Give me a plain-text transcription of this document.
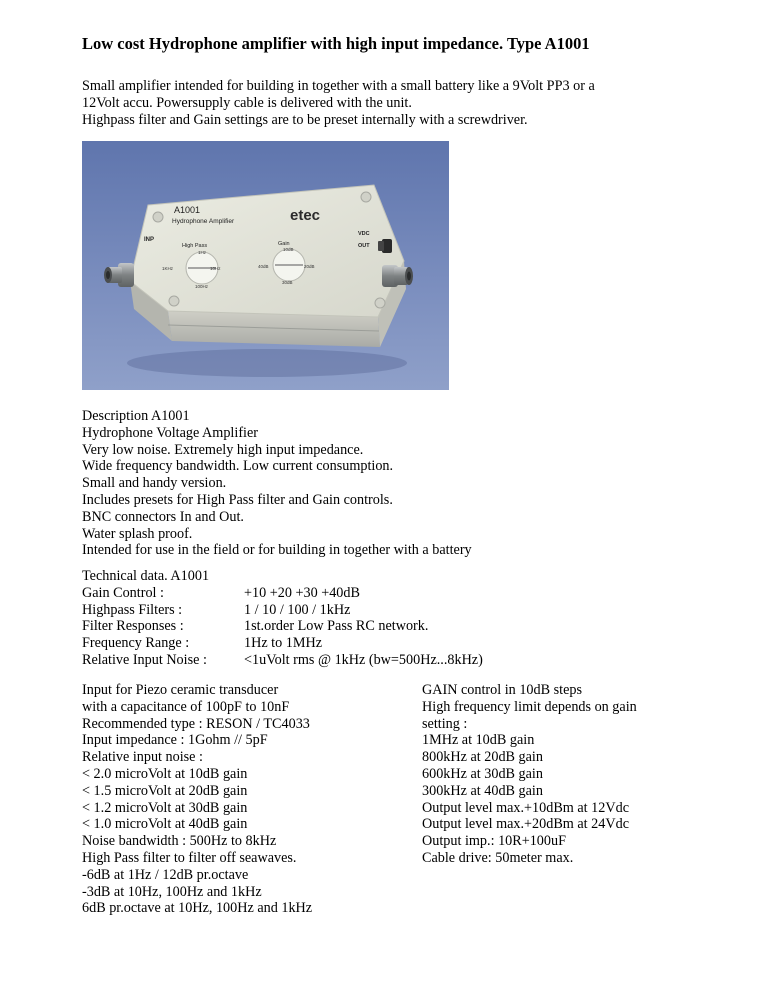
Low cost Hydrophone amplifier with high input impedance. Type A1001
Small amplifier intended for building in together with a small battery like a 9Volt PP3 or a
12Volt accu. Powersupply cable is delivered with the unit.
Highpass filter and Gain settings are to be preset internally with a screwdriver.
A1001
Hydrophone Amplifier	etec
INP
VDC
OUT
High Pass	Gain
1Hz
1KHz	10Hz
100Hz
10dB
40dB	20dB
30dB
Description A1001
Hydrophone Voltage Amplifier
Very low noise. Extremely high input impedance.
Wide frequency bandwidth. Low current consumption.
Small and handy version.
Includes presets for High Pass filter and Gain controls.
BNC connectors In and Out.
Water splash proof.
Intended for use in the field or for building in together with a battery
Technical data. A1001
Gain Control :	+10 +20 +30 +40dB
Highpass Filters :	1 / 10 / 100 / 1kHz
Filter Responses :	1st.order Low Pass RC network.
Frequency Range :	1Hz to 1MHz
Relative Input Noise :	<1uVolt rms @ 1kHz (bw=500Hz...8kHz)
Input for Piezo ceramic transducer
with a capacitance of 100pF to 10nF
Recommended type : RESON / TC4033
Input impedance : 1Gohm // 5pF
Relative input noise :
< 2.0 microVolt at 10dB gain
< 1.5 microVolt at 20dB gain
< 1.2 microVolt at 30dB gain
< 1.0 microVolt at 40dB gain
Noise bandwidth : 500Hz to 8kHz
High Pass filter to filter off seawaves.
-6dB at 1Hz / 12dB pr.octave
-3dB at 10Hz, 100Hz and 1kHz
6dB pr.octave at 10Hz, 100Hz and 1kHz
GAIN control in 10dB steps
High frequency limit depends on gain
setting :
1MHz at 10dB gain
800kHz at 20dB gain
600kHz at 30dB gain
300kHz at 40dB gain
Output level max.+10dBm at 12Vdc
Output level max.+20dBm at 24Vdc
Output imp.: 10R+100uF
Cable drive: 50meter max.
